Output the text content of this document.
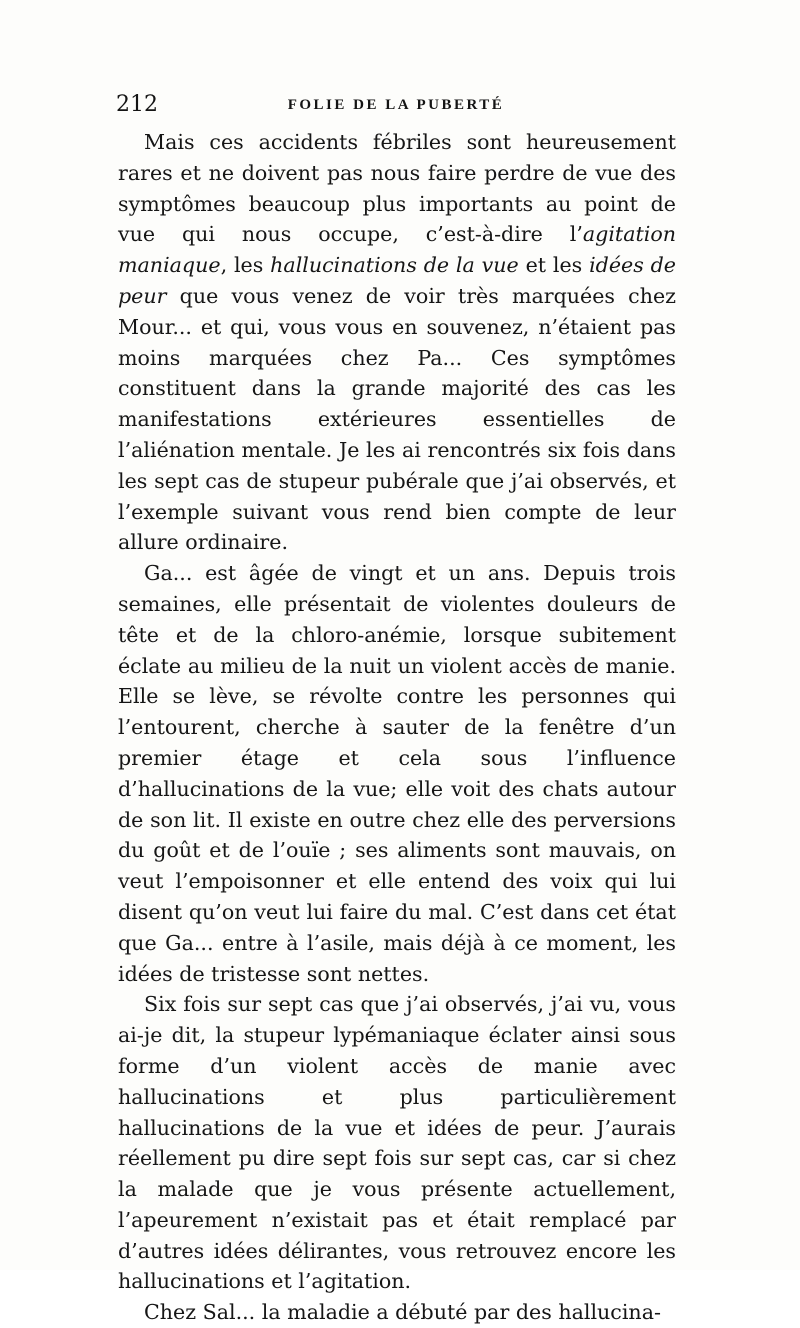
212	FOLIE DE LA PUBERTÉ

Mais ces accidents fébriles sont heureusement rares et ne doivent pas nous faire perdre de vue des symptômes beaucoup plus importants au point de vue qui nous occupe, c’est-à-dire l’agitation maniaque, les hallucinations de la vue et les idées de peur que vous venez de voir très marquées chez Mour... et qui, vous vous en souvenez, n’étaient pas moins marquées chez Pa... Ces symptômes constituent dans la grande majorité des cas les manifestations extérieures essentielles de l’aliénation mentale. Je les ai rencontrés six fois dans les sept cas de stupeur pubérale que j’ai observés, et l’exemple suivant vous rend bien compte de leur allure ordinaire.

Ga... est âgée de vingt et un ans. Depuis trois semaines, elle présentait de violentes douleurs de tête et de la chloro-anémie, lorsque subitement éclate au milieu de la nuit un violent accès de manie. Elle se lève, se révolte contre les personnes qui l’entourent, cherche à sauter de la fenêtre d’un premier étage et cela sous l’influence d’hallucinations de la vue; elle voit des chats autour de son lit. Il existe en outre chez elle des perversions du goût et de l’ouïe ; ses aliments sont mauvais, on veut l’empoisonner et elle entend des voix qui lui disent qu’on veut lui faire du mal. C’est dans cet état que Ga... entre à l’asile, mais déjà à ce moment, les idées de tristesse sont nettes.

Six fois sur sept cas que j’ai observés, j’ai vu, vous ai-je dit, la stupeur lypémaniaque éclater ainsi sous forme d’un violent accès de manie avec hallucinations et plus particulièrement hallucinations de la vue et idées de peur. J’aurais réellement pu dire sept fois sur sept cas, car si chez la malade que je vous présente actuellement, l’apeurement n’existait pas et était remplacé par d’autres idées délirantes, vous retrouvez encore les hallucinations et l’agitation.

Chez Sal... la maladie a débuté par des hallucina-
